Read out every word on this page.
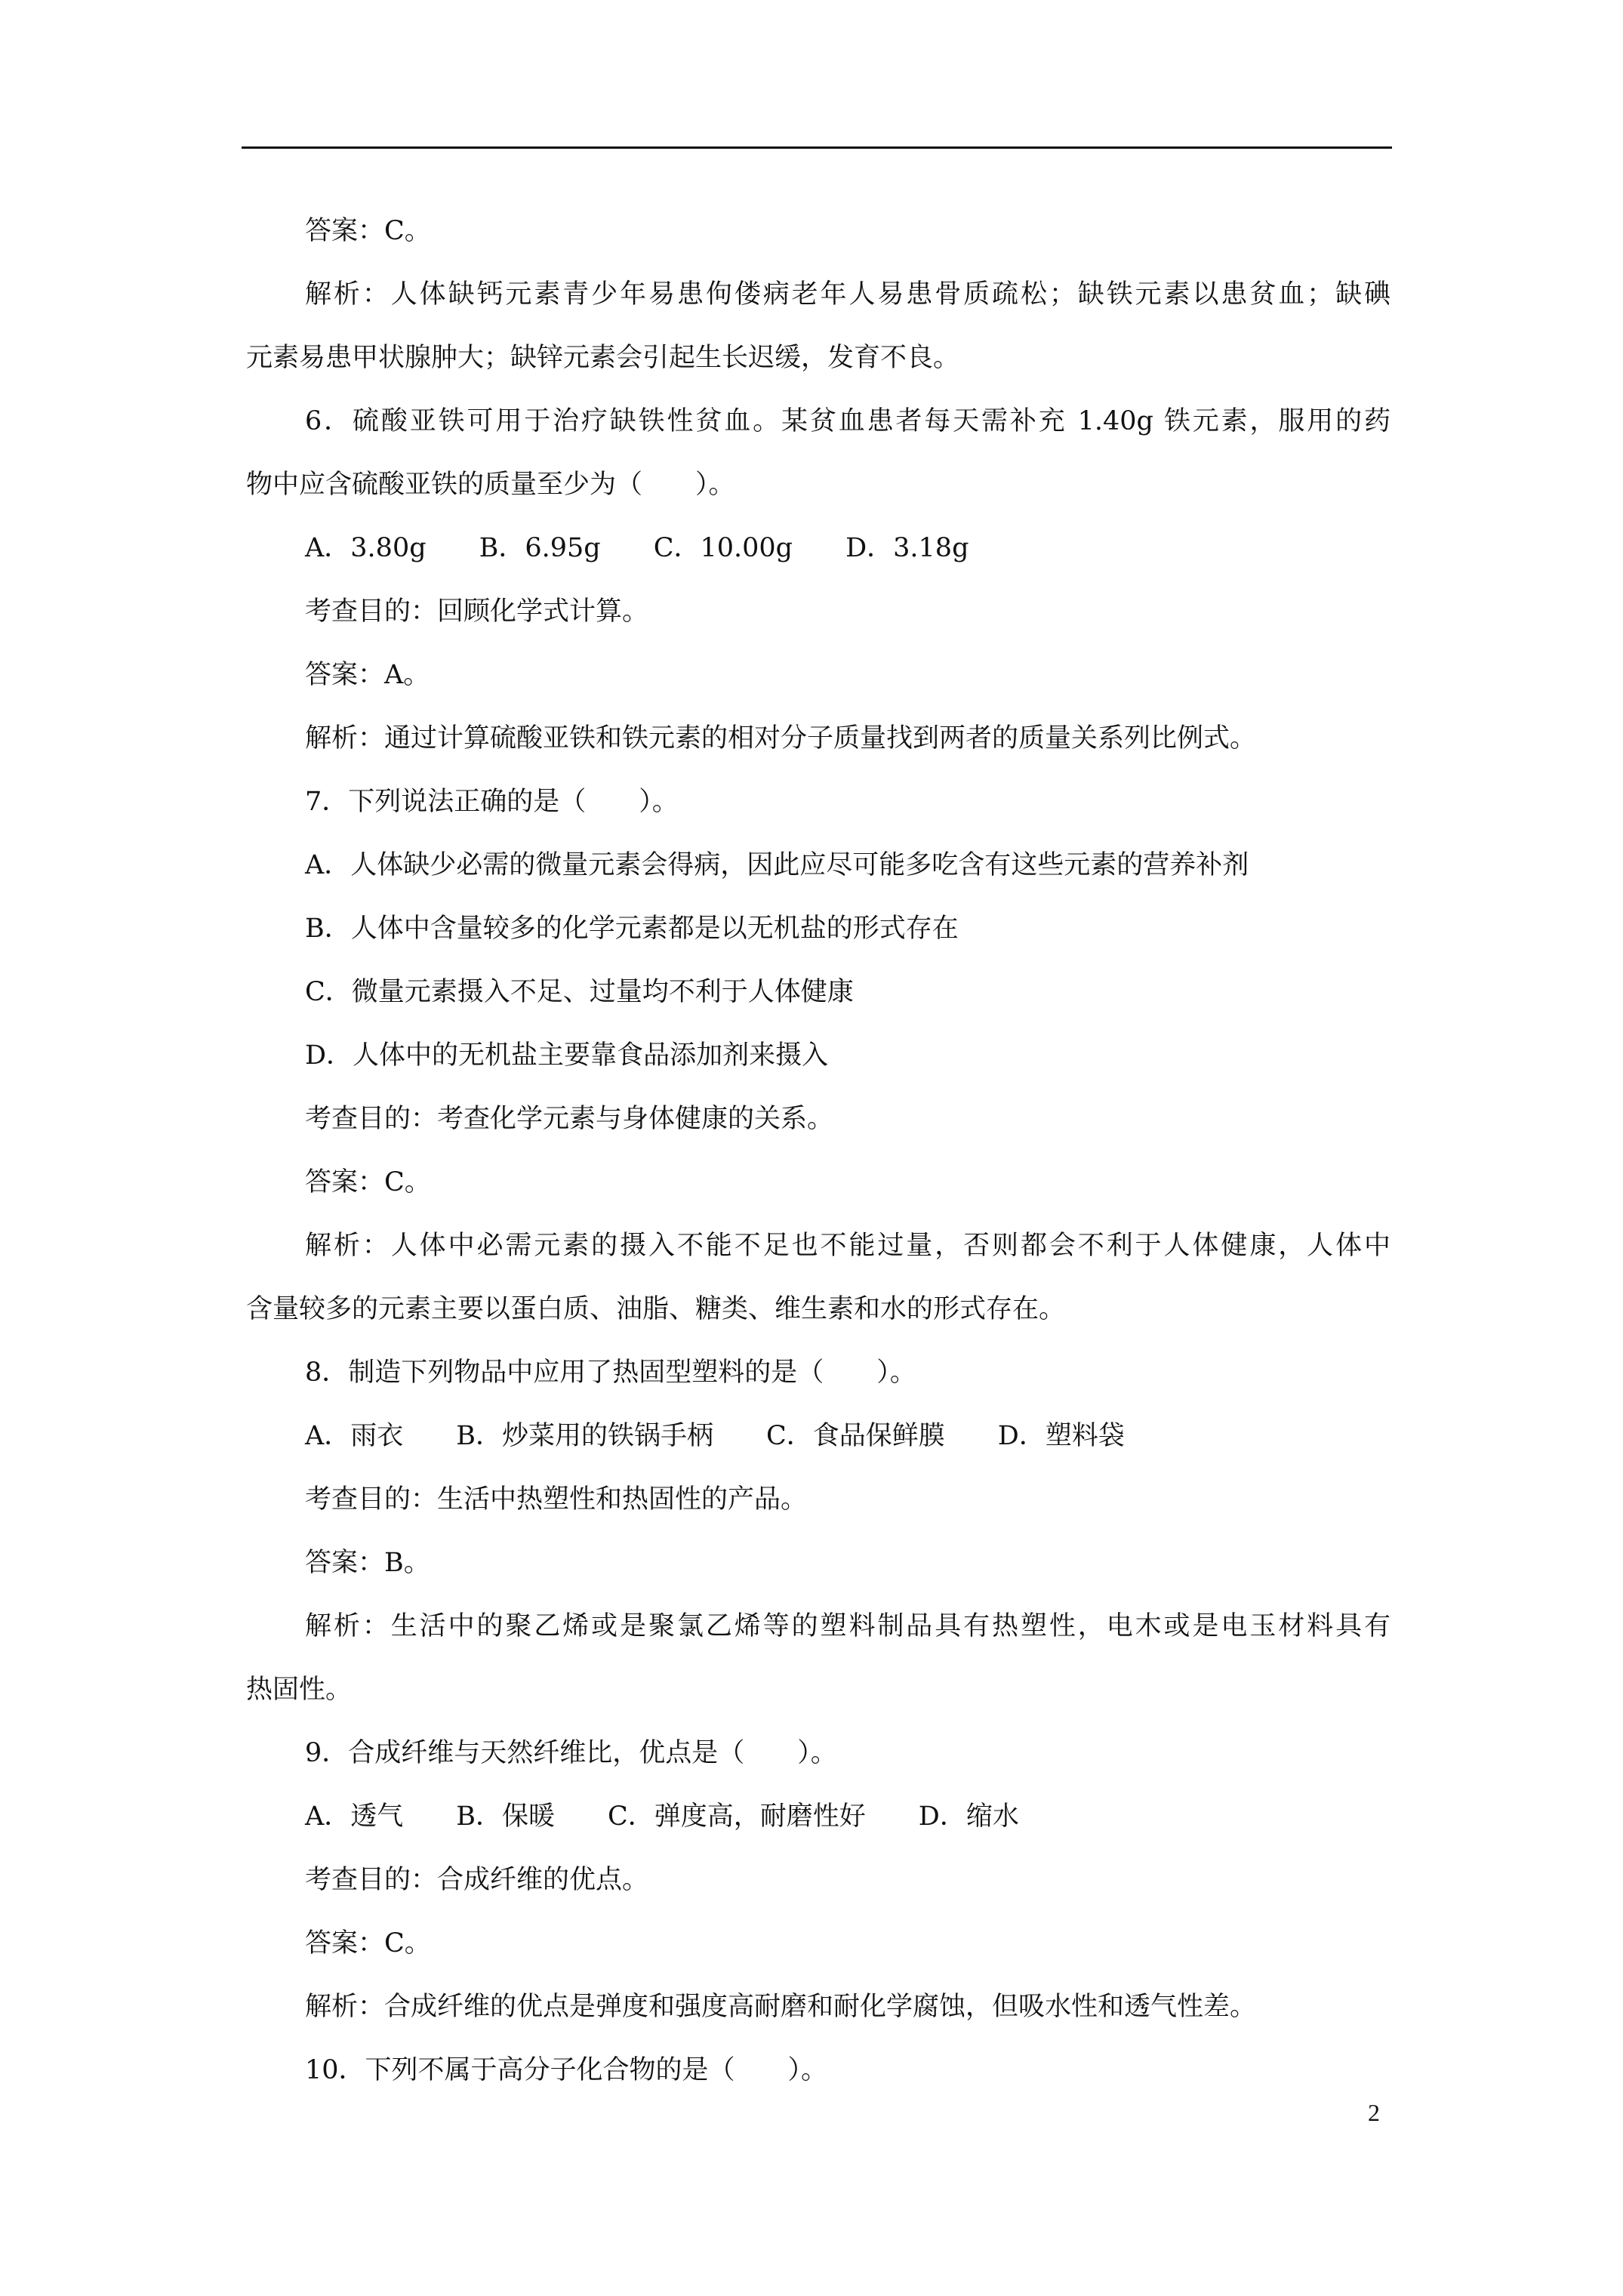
答案：C。
解析：人体缺钙元素青少年易患佝偻病老年人易患骨质疏松；缺铁元素以患贫血；缺碘
元素易患甲状腺肿大；缺锌元素会引起生长迟缓，发育不良。
6．硫酸亚铁可用于治疗缺铁性贫血。某贫血患者每天需补充 1.40g 铁元素，服用的药
物中应含硫酸亚铁的质量至少为（　　）。
A．3.80g B．6.95g C．10.00g D．3.18g
考查目的：回顾化学式计算。
答案：A。
解析：通过计算硫酸亚铁和铁元素的相对分子质量找到两者的质量关系列比例式。
7．下列说法正确的是（　　）。
A．人体缺少必需的微量元素会得病，因此应尽可能多吃含有这些元素的营养补剂
B．人体中含量较多的化学元素都是以无机盐的形式存在
C．微量元素摄入不足、过量均不利于人体健康
D．人体中的无机盐主要靠食品添加剂来摄入
考查目的：考查化学元素与身体健康的关系。
答案：C。
解析：人体中必需元素的摄入不能不足也不能过量，否则都会不利于人体健康，人体中
含量较多的元素主要以蛋白质、油脂、糖类、维生素和水的形式存在。
8．制造下列物品中应用了热固型塑料的是（　　）。
A．雨衣 B．炒菜用的铁锅手柄 C．食品保鲜膜 D．塑料袋
考查目的：生活中热塑性和热固性的产品。
答案：B。
解析：生活中的聚乙烯或是聚氯乙烯等的塑料制品具有热塑性，电木或是电玉材料具有
热固性。
9．合成纤维与天然纤维比，优点是（　　）。
A．透气 B．保暖 C．弹度高，耐磨性好 D．缩水
考查目的：合成纤维的优点。
答案：C。
解析：合成纤维的优点是弹度和强度高耐磨和耐化学腐蚀，但吸水性和透气性差。
10．下列不属于高分子化合物的是（　　）。
2
